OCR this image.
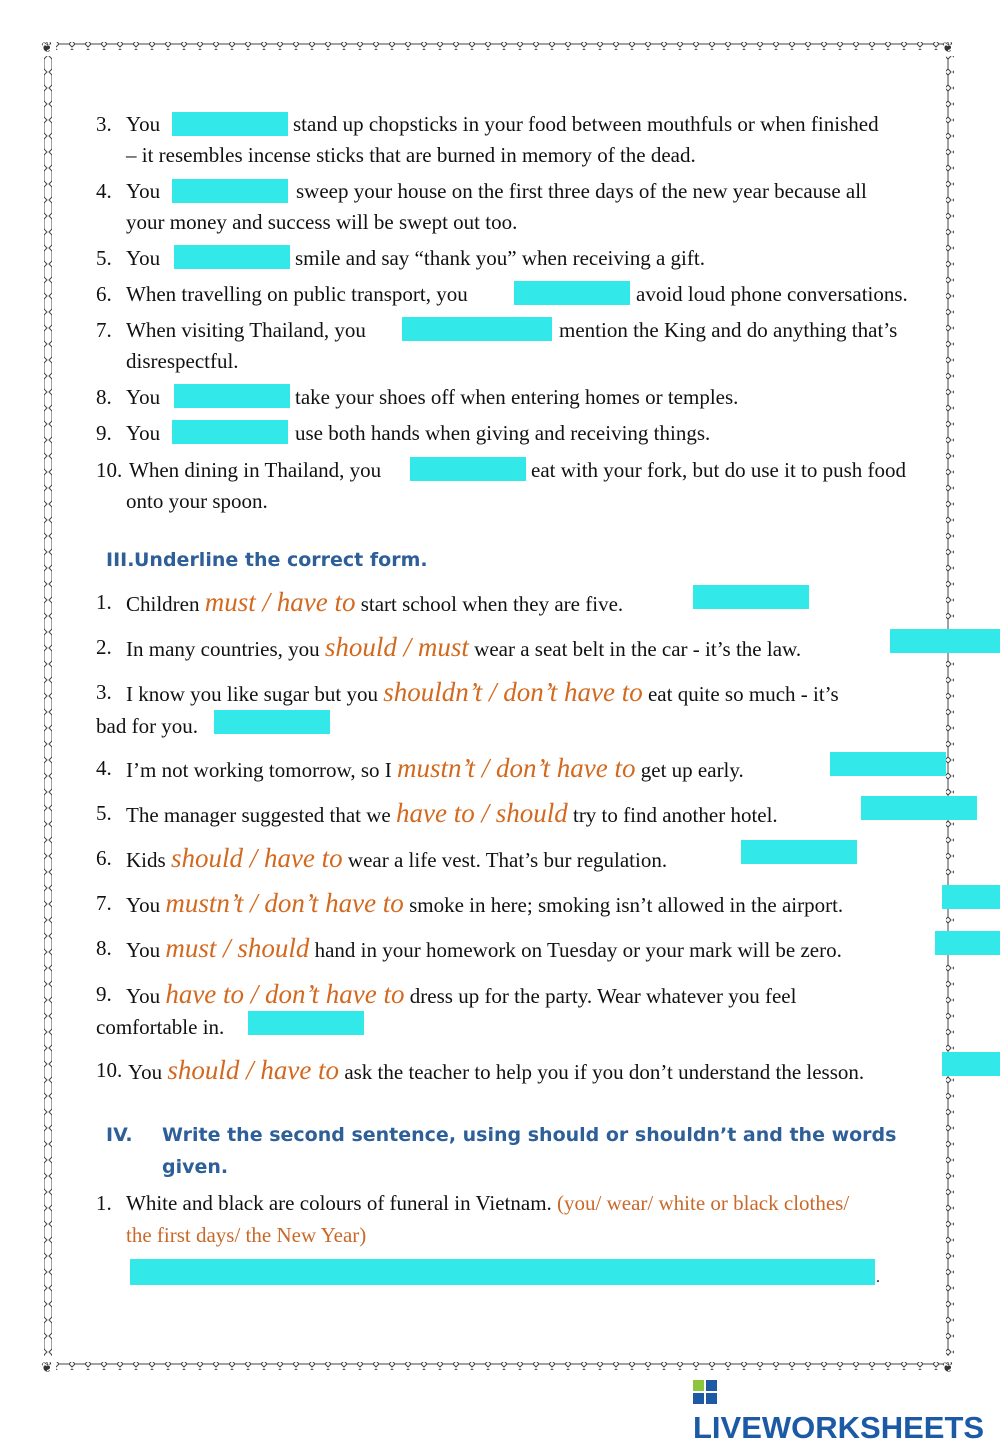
❦	❦
❦	❦
3. You	stand up chopsticks in your food between mouthfuls or when finished
– it resembles incense sticks that are burned in memory of the dead.
4. You	sweep your house on the first three days of the new year because all
your money and success will be swept out too.
5. You	smile and say “thank you” when receiving a gift.
6. When travelling on public transport, you	avoid loud phone conversations.
7. When visiting Thailand, you	mention the King and do anything that’s
disrespectful.
8. You	take your shoes off when entering homes or temples.
9. You	use both hands when giving and receiving things.
10. When dining in Thailand, you	eat with your fork, but do use it to push food
onto your spoon.
III. Underline the correct form.
1. Children must / have to start school when they are five.
2. In many countries, you should / must wear a seat belt in the car - it’s the law.
3. I know you like sugar but you shouldn’t / don’t have to eat quite so much - it’s
bad for you.
4. I’m not working tomorrow, so I mustn’t / don’t have to get up early.
5. The manager suggested that we have to / should try to find another hotel.
6. Kids should / have to wear a life vest. That’s bur regulation.
7. You mustn’t / don’t have to smoke in here; smoking isn’t allowed in the airport.
8. You must / should hand in your homework on Tuesday or your mark will be zero.
9. You have to / don’t have to dress up for the party. Wear whatever you feel
comfortable in.
10. You should / have to ask the teacher to help you if you don’t understand the lesson.
IV. Write the second sentence, using should or shouldn’t and the words
given.
1. White and black are colours of funeral in Vietnam. (you/ wear/ white or black clothes/
the first days/ the New Year)
.
LIVEWORKSHEETS
